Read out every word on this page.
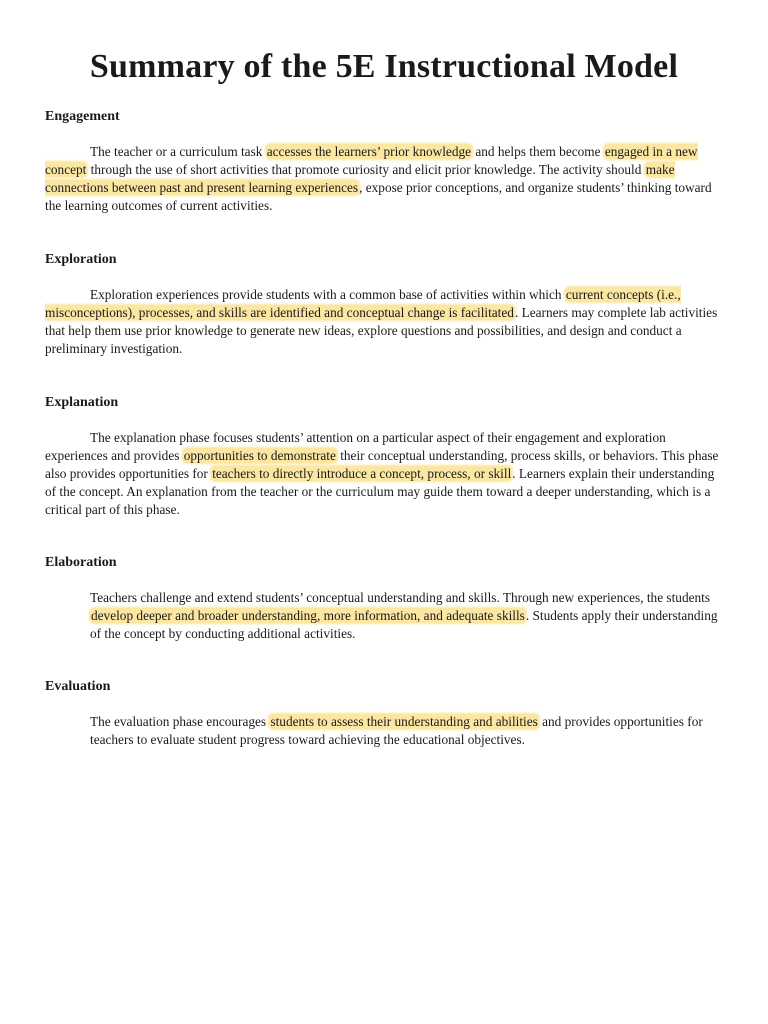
Summary of the 5E Instructional Model
Engagement

The teacher or a curriculum task accesses the learners’ prior knowledge and helps them become engaged in a new concept through the use of short activities that promote curiosity and elicit prior knowledge. The activity should make connections between past and present learning experiences, expose prior conceptions, and organize students’ thinking toward the learning outcomes of current activities.

Exploration

Exploration experiences provide students with a common base of activities within which current concepts (i.e., misconceptions), processes, and skills are identified and conceptual change is facilitated. Learners may complete lab activities that help them use prior knowledge to generate new ideas, explore questions and possibilities, and design and conduct a preliminary investigation.

Explanation

The explanation phase focuses students’ attention on a particular aspect of their engagement and exploration experiences and provides opportunities to demonstrate their conceptual understanding, process skills, or behaviors. This phase also provides opportunities for teachers to directly introduce a concept, process, or skill. Learners explain their understanding of the concept. An explanation from the teacher or the curriculum may guide them toward a deeper understanding, which is a critical part of this phase.

Elaboration

Teachers challenge and extend students’ conceptual understanding and skills. Through new experiences, the students develop deeper and broader understanding, more information, and adequate skills. Students apply their understanding of the concept by conducting additional activities.

Evaluation

The evaluation phase encourages students to assess their understanding and abilities and provides opportunities for teachers to evaluate student progress toward achieving the educational objectives.
